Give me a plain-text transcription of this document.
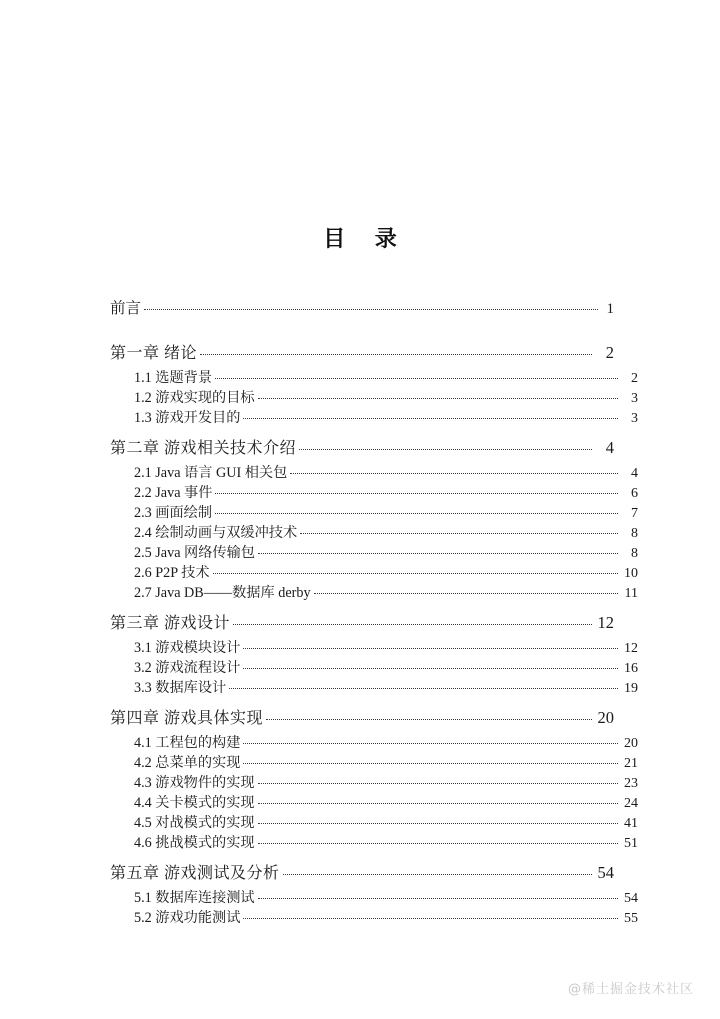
目 录
前言	1
第一章 绪论	2
1.1 选题背景	2
1.2 游戏实现的目标	3
1.3 游戏开发目的	3
第二章 游戏相关技术介绍	4
2.1 Java 语言 GUI 相关包	4
2.2 Java 事件	6
2.3 画面绘制	7
2.4 绘制动画与双缓冲技术	8
2.5 Java 网络传输包	8
2.6 P2P 技术	10
2.7 Java DB——数据库 derby	11
第三章 游戏设计	12
3.1 游戏模块设计	12
3.2 游戏流程设计	16
3.3 数据库设计	19
第四章 游戏具体实现	20
4.1 工程包的构建	20
4.2 总菜单的实现	21
4.3 游戏物件的实现	23
4.4 关卡模式的实现	24
4.5 对战模式的实现	41
4.6 挑战模式的实现	51
第五章 游戏测试及分析	54
5.1 数据库连接测试	54
5.2 游戏功能测试	55
@稀土掘金技术社区
